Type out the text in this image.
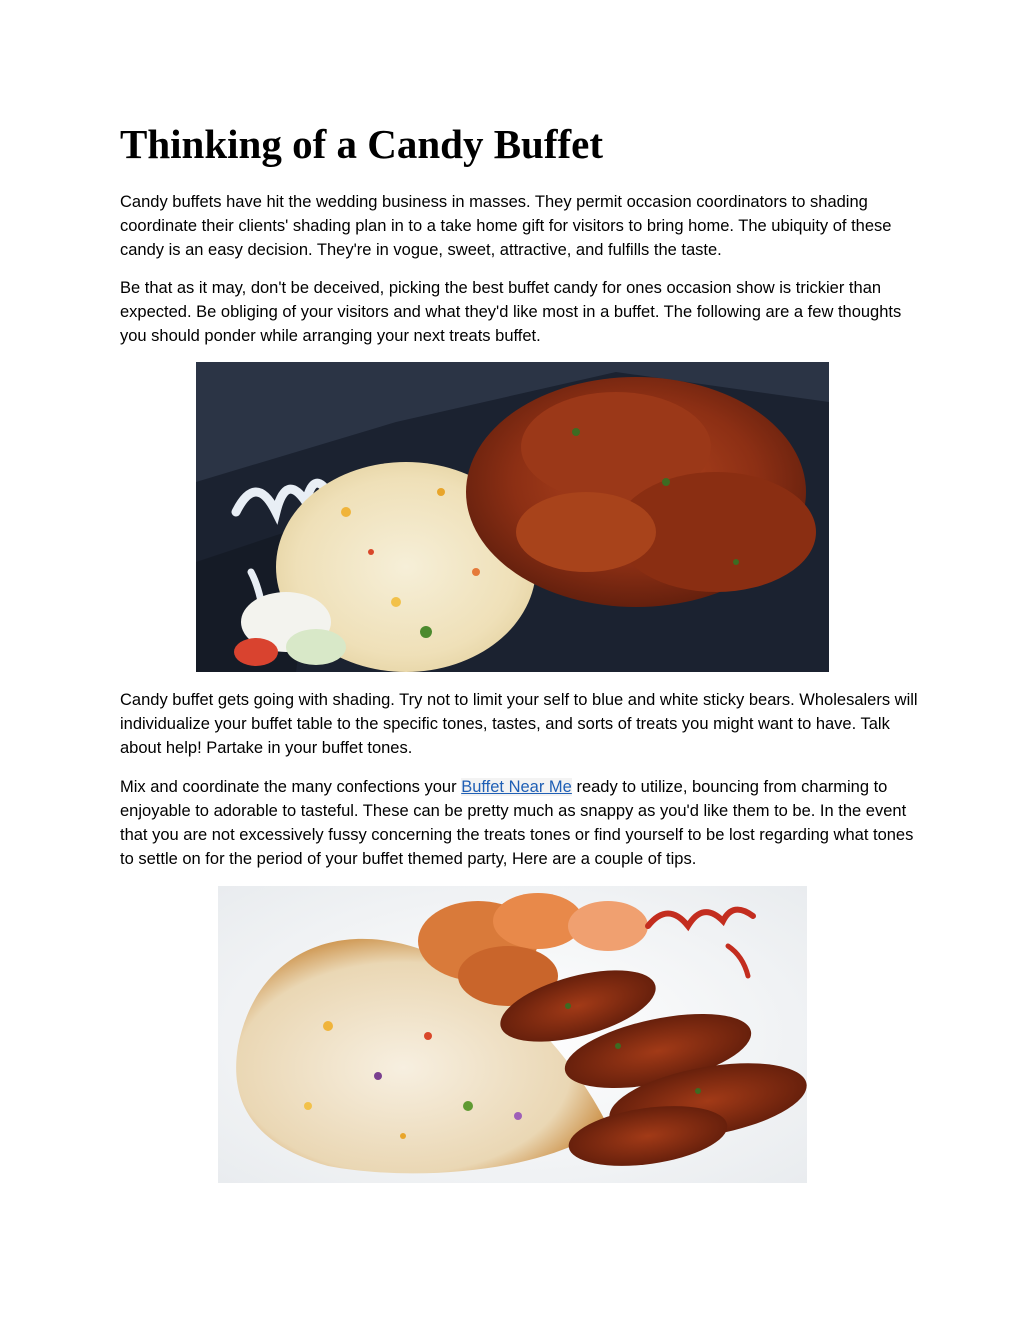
Thinking of a Candy Buffet

Candy buffets have hit the wedding business in masses. They permit occasion coordinators to shading coordinate their clients' shading plan in to a take home gift for visitors to bring home. The ubiquity of these candy is an easy decision. They're in vogue, sweet, attractive, and fulfills the taste.

Be that as it may, don't be deceived, picking the best buffet candy for ones occasion show is trickier than expected. Be obliging of your visitors and what they'd like most in a buffet. The following are a few thoughts you should ponder while arranging your next treats buffet.

Candy buffet gets going with shading. Try not to limit your self to blue and white sticky bears. Wholesalers will individualize your buffet table to the specific tones, tastes, and sorts of treats you might want to have. Talk about help! Partake in your buffet tones.

Mix and coordinate the many confections your Buffet Near Me ready to utilize, bouncing from charming to enjoyable to adorable to tasteful. These can be pretty much as snappy as you'd like them to be. In the event that you are not excessively fussy concerning the treats tones or find yourself to be lost regarding what tones to settle on for the period of your buffet themed party, Here are a couple of tips.
